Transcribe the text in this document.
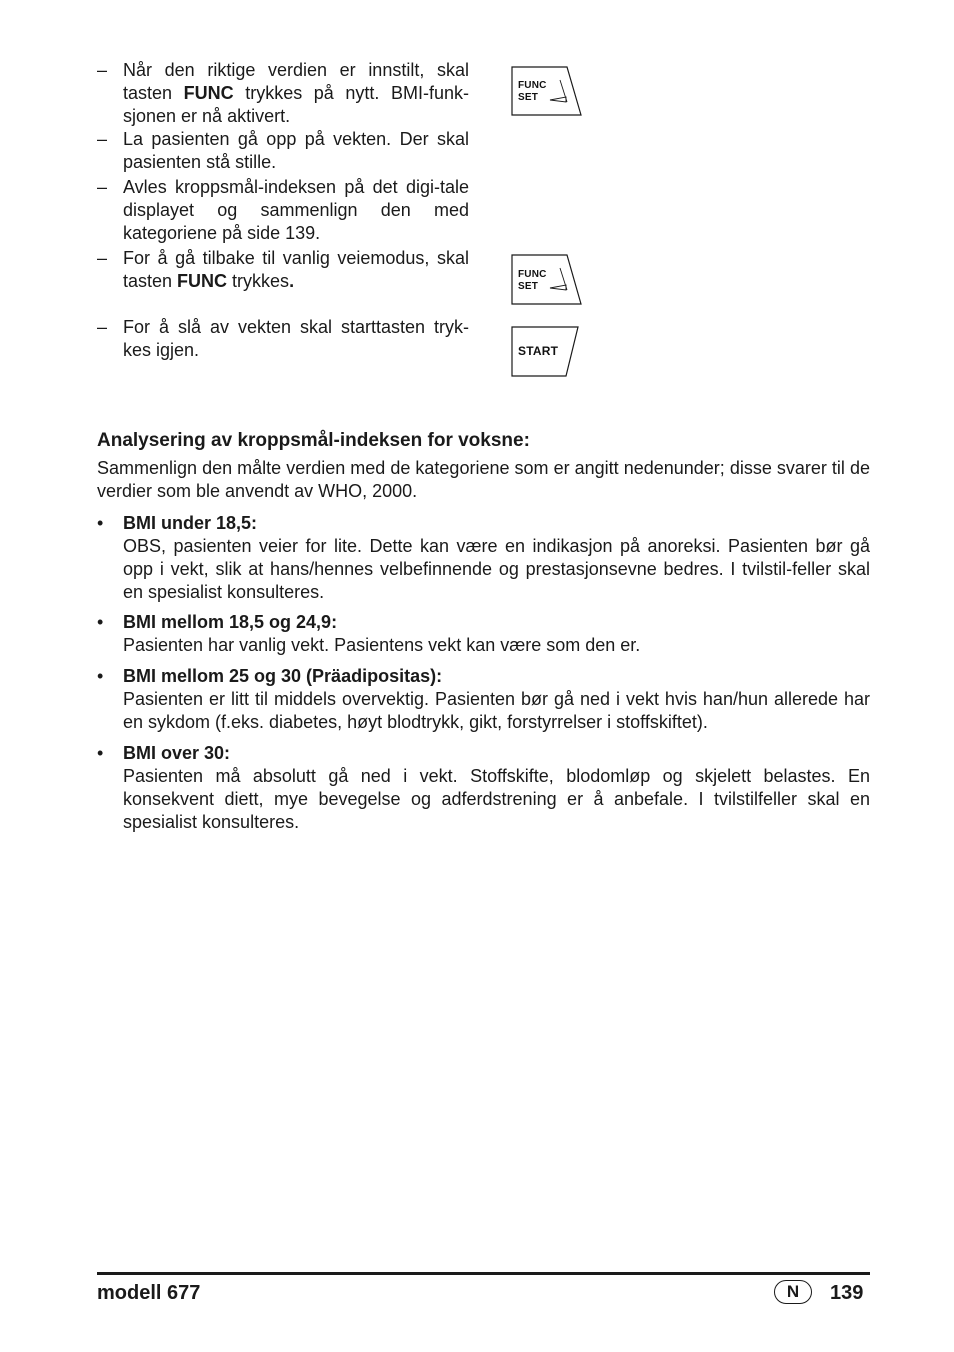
– Når den riktige verdien er innstilt, skal tasten FUNC trykkes på nytt. BMI-funk-sjonen er nå aktivert.
– La pasienten gå opp på vekten. Der skal pasienten stå stille.
– Avles kroppsmål-indeksen på det digi-tale displayet og sammenlign den med kategoriene på side 139.
– For å gå tilbake til vanlig veiemodus, skal tasten FUNC trykkes.
– For å slå av vekten skal starttasten tryk-kes igjen.
FUNC
SET
FUNC
SET
START
Analysering av kroppsmål-indeksen for voksne:
Sammenlign den målte verdien med de kategoriene som er angitt nedenunder; disse svarer til de verdier som ble anvendt av WHO, 2000.
• BMI under 18,5:
OBS, pasienten veier for lite. Dette kan være en indikasjon på anoreksi. Pasienten bør gå opp i vekt, slik at hans/hennes velbefinnende og prestasjonsevne bedres. I tvilstil-feller skal en spesialist konsulteres.
• BMI mellom 18,5 og 24,9:
Pasienten har vanlig vekt. Pasientens vekt kan være som den er.
• BMI mellom 25 og 30 (Präadipositas):
Pasienten er litt til middels overvektig. Pasienten bør gå ned i vekt hvis han/hun allerede har en sykdom (f.eks. diabetes, høyt blodtrykk, gikt, forstyrrelser i stoffskiftet).
• BMI over 30:
Pasienten må absolutt gå ned i vekt. Stoffskifte, blodomløp og skjelett belastes. En konsekvent diett, mye bevegelse og adferdstrening er å anbefale. I tvilstilfeller skal en spesialist konsulteres.
modell 677	N	139
